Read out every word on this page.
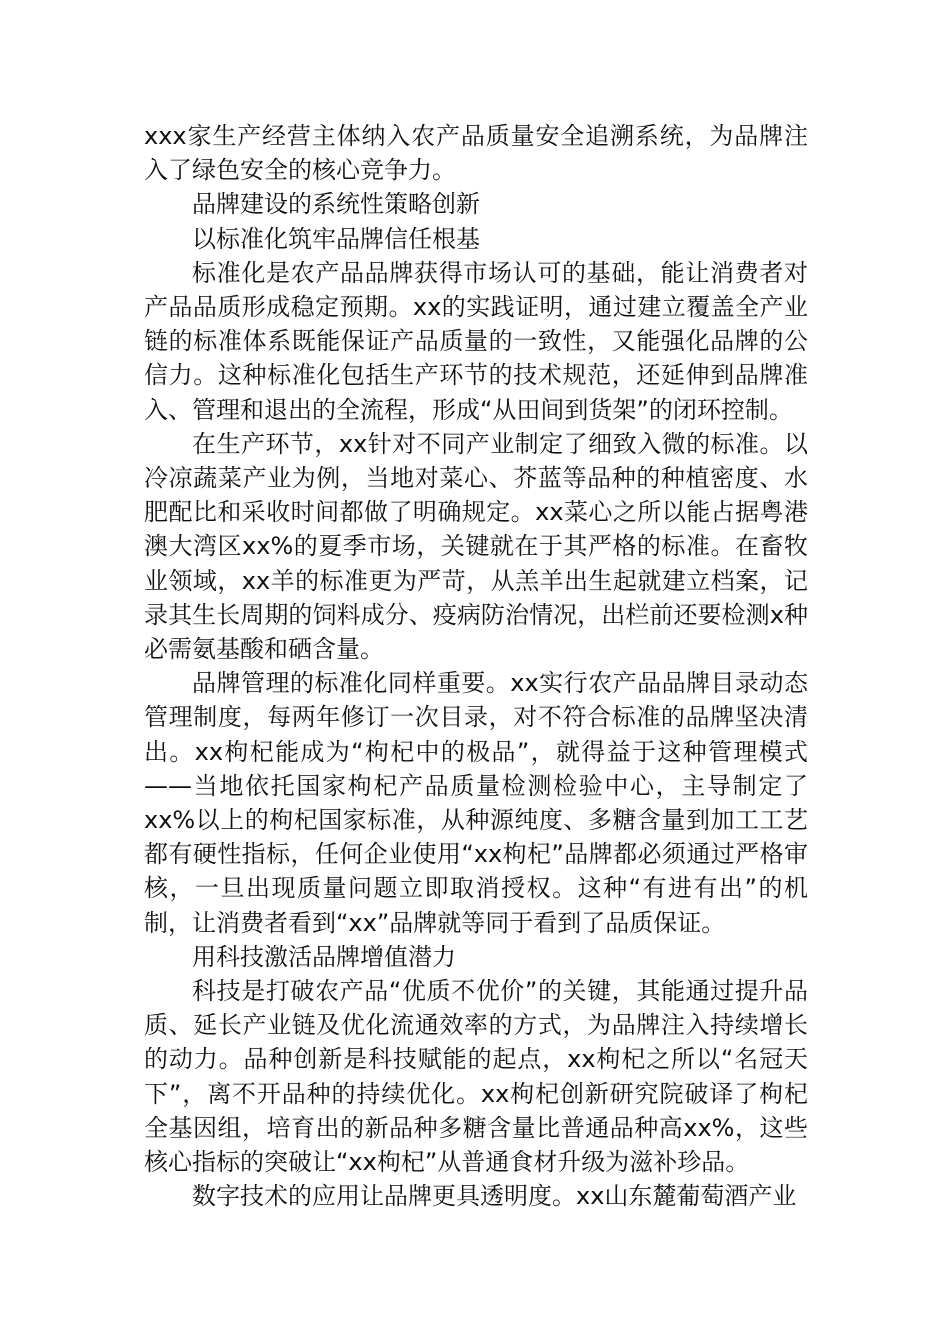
xxx家生产经营主体纳入农产品质量安全追溯系统，为品牌注入了绿色安全的核心竞争力。

品牌建设的系统性策略创新

以标准化筑牢品牌信任根基

标准化是农产品品牌获得市场认可的基础，能让消费者对产品品质形成稳定预期。xx的实践证明，通过建立覆盖全产业链的标准体系既能保证产品质量的一致性，又能强化品牌的公信力。这种标准化包括生产环节的技术规范，还延伸到品牌准入、管理和退出的全流程，形成“从田间到货架”的闭环控制。

在生产环节，xx针对不同产业制定了细致入微的标准。以冷凉蔬菜产业为例，当地对菜心、芥蓝等品种的种植密度、水肥配比和采收时间都做了明确规定。xx菜心之所以能占据粤港澳大湾区xx%的夏季市场，关键就在于其严格的标准。在畜牧业领域，xx羊的标准更为严苛，从羔羊出生起就建立档案，记录其生长周期的饲料成分、疫病防治情况，出栏前还要检测x种必需氨基酸和硒含量。

品牌管理的标准化同样重要。xx实行农产品品牌目录动态管理制度，每两年修订一次目录，对不符合标准的品牌坚决清出。xx枸杞能成为“枸杞中的极品”，就得益于这种管理模式——当地依托国家枸杞产品质量检测检验中心，主导制定了xx%以上的枸杞国家标准，从种源纯度、多糖含量到加工工艺都有硬性指标，任何企业使用“xx枸杞”品牌都必须通过严格审核，一旦出现质量问题立即取消授权。这种“有进有出”的机制，让消费者看到“xx”品牌就等同于看到了品质保证。

用科技激活品牌增值潜力

科技是打破农产品“优质不优价”的关键，其能通过提升品质、延长产业链及优化流通效率的方式，为品牌注入持续增长的动力。品种创新是科技赋能的起点，xx枸杞之所以“名冠天下”，离不开品种的持续优化。xx枸杞创新研究院破译了枸杞全基因组，培育出的新品种多糖含量比普通品种高xx%，这些核心指标的突破让“xx枸杞”从普通食材升级为滋补珍品。

数字技术的应用让品牌更具透明度。xx山东麓葡萄酒产业
